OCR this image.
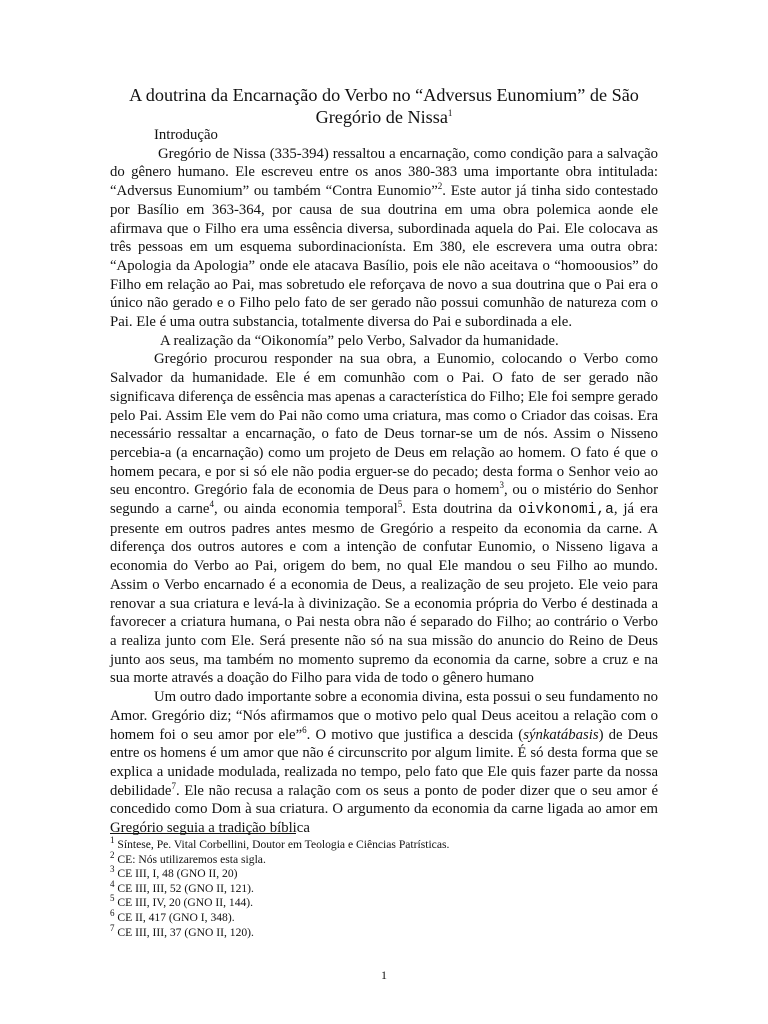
A doutrina da Encarnação do Verbo no “Adversus Eunomium” de São
Gregório de Nissa$^1$

Introdução

Gregório de Nissa (335-394) ressaltou a encarnação, como condição para a salvação do gênero humano. Ele escreveu entre os anos 380-383 uma importante obra intitulada: “Adversus Eunomium” ou também “Contra Eunomio”$^2$. Este autor já tinha sido contestado por Basílio em 363-364, por causa de sua doutrina em uma obra polemica aonde ele afirmava que o Filho era uma essência diversa, subordinada aquela do Pai. Ele colocava as três pessoas em um esquema subordinacionísta. Em 380, ele escrevera uma outra obra: “Apologia da Apologia” onde ele atacava Basílio, pois ele não aceitava o “homoousios” do Filho em relação ao Pai, mas sobretudo ele reforçava de novo a sua doutrina que o Pai era o único não gerado e o Filho pelo fato de ser gerado não possui comunhão de natureza com o Pai. Ele é uma outra substancia, totalmente diversa do Pai e subordinada a ele.

A realização da “Oikonomía” pelo Verbo, Salvador da humanidade.

Gregório procurou responder na sua obra, a Eunomio, colocando o Verbo como Salvador da humanidade. Ele é em comunhão com o Pai. O fato de ser gerado não significava diferença de essência mas apenas a característica do Filho; Ele foi sempre gerado pelo Pai. Assim Ele vem do Pai não como uma criatura, mas como o Criador das coisas. Era necessário ressaltar a encarnação, o fato de Deus tornar-se um de nós. Assim o Nisseno percebia-a (a encarnação) como um projeto de Deus em relação ao homem. O fato é que o homem pecara, e por si só ele não podia erguer-se do pecado; desta forma o Senhor veio ao seu encontro. Gregório fala de economia de Deus para o homem$^3$, ou o mistério do Senhor segundo a carne$^4$, ou ainda economia temporal$^5$. Esta doutrina da oivkonomi,a, já era presente em outros padres antes mesmo de Gregório a respeito da economia da carne. A diferença dos outros autores e com a intenção de confutar Eunomio, o Nisseno ligava a economia do Verbo ao Pai, origem do bem, no qual Ele mandou o seu Filho ao mundo. Assim o Verbo encarnado é a economia de Deus, a realização de seu projeto. Ele veio para renovar a sua criatura e levá-la à divinização. Se a economia própria do Verbo é destinada a favorecer a criatura humana, o Pai nesta obra não é separado do Filho; ao contrário o Verbo a realiza junto com Ele. Será presente não só na sua missão do anuncio do Reino de Deus junto aos seus, ma também no momento supremo da economia da carne, sobre a cruz e na sua morte através a doação do Filho para vida de todo o gênero humano

Um outro dado importante sobre a economia divina, esta possui o seu fundamento no Amor. Gregório diz; “Nós afirmamos que o motivo pelo qual Deus aceitou a relação com o homem foi o seu amor por ele”$^6$. O motivo que justifica a descida (sýnkatábasis) de Deus entre os homens é um amor que não é circunscrito por algum limite. É só desta forma que se explica a unidade modulada, realizada no tempo, pelo fato que Ele quis fazer parte da nossa debilidade$^7$. Ele não recusa a ralação com os seus a ponto de poder dizer que o seu amor é concedido como Dom à sua criatura. O argumento da economia da carne ligada ao amor em Gregório seguia a tradição bíblica

$^1$ Síntese, Pe. Vital Corbellini, Doutor em Teologia e Ciências Patrísticas.

$^2$ CE: Nós utilizaremos esta sigla.

$^3$ CE III, I, 48 (GNO II, 20)

$^4$ CE III, III, 52 (GNO II, 121).

$^5$ CE III, IV, 20 (GNO II, 144).

$^6$ CE II, 417 (GNO I, 348).

$^7$ CE III, III, 37 (GNO II, 120).

1
